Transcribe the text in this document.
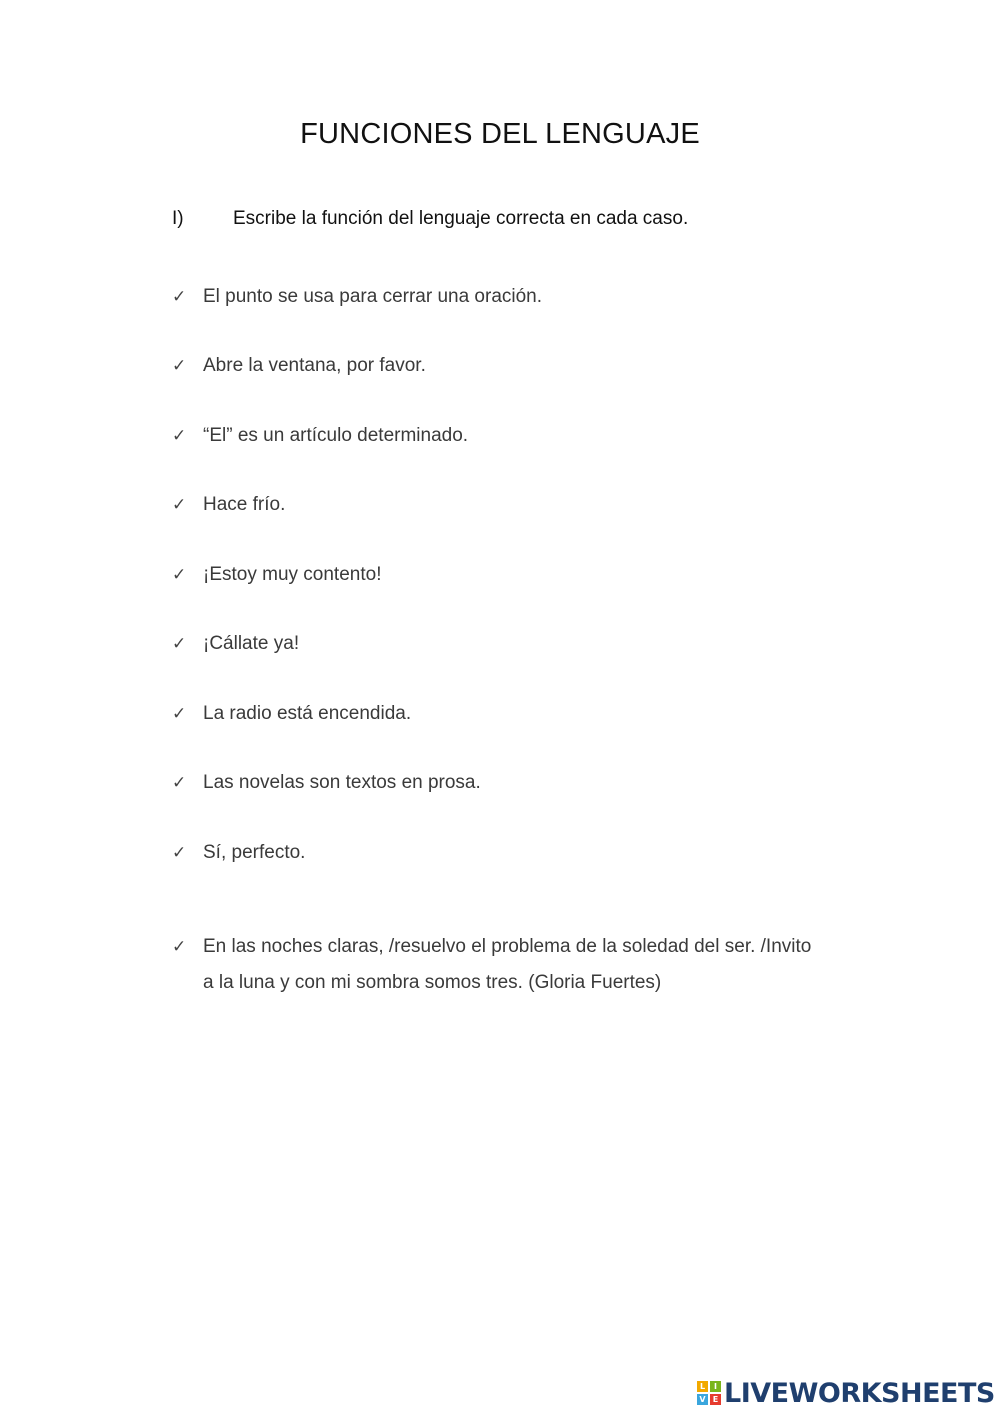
FUNCIONES DEL LENGUAJE
I)	Escribe la función del lenguaje correcta en cada caso.
✓ El punto se usa para cerrar una oración.
✓ Abre la ventana, por favor.
✓ “El” es un artículo determinado.
✓ Hace frío.
✓ ¡Estoy muy contento!
✓ ¡Cállate ya!
✓ La radio está encendida.
✓ Las novelas son textos en prosa.
✓ Sí, perfecto.
✓ En las noches claras, /resuelvo el problema de la soledad del ser. /Invito
a la luna y con mi sombra somos tres. (Gloria Fuertes)
L	I
V E LIVEWORKSHEETS
